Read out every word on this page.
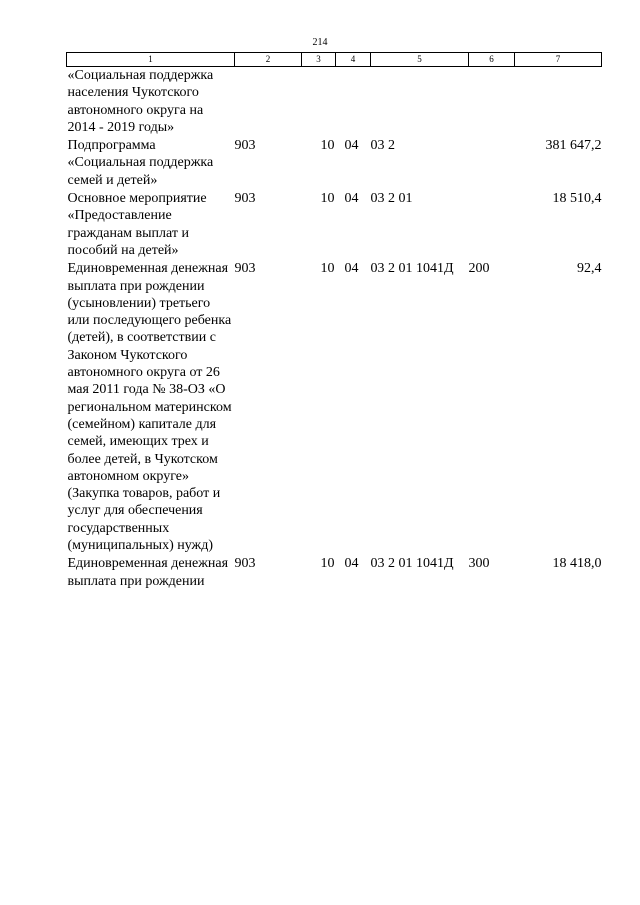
214
1	2	3	4	5	6	7
«Социальная поддержка населения Чукотского автономного округа на 2014 - 2019 годы»						
Подпрограмма «Социальная поддержка семей и детей»	903	10	04	03 2		381 647,2
Основное мероприятие «Предоставление гражданам выплат и пособий на детей»	903	10	04	03 2 01		18 510,4
Единовременная денежная выплата при рождении (усыновлении) третьего или последующего ребенка (детей), в соответствии с Законом Чукотского автономного округа от 26 мая 2011 года № 38-ОЗ «О региональном материнском (семейном) капитале для семей, имеющих трех и более детей, в Чукотском автономном округе» (Закупка товаров, работ и услуг для обеспечения государственных (муниципальных) нужд)	903	10	04	03 2 01 1041Д	200	92,4
Единовременная денежная выплата при рождении	903	10	04	03 2 01 1041Д	300	18 418,0
